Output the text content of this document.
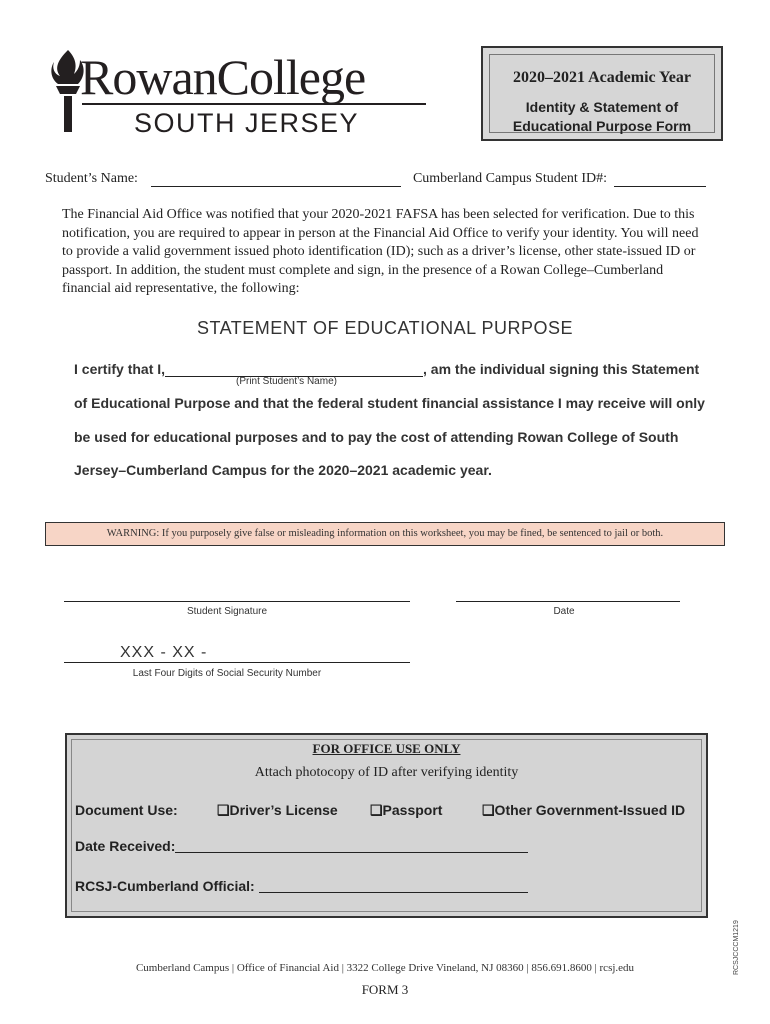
RowanCollege
SOUTH JERSEY
2020–2021 Academic Year
Identity & Statement of
Educational Purpose Form
Student’s Name:	Cumberland Campus Student ID#:
The Financial Aid Office was notified that your 2020-2021 FAFSA has been selected for verification. Due to this notification, you are required to appear in person at the Financial Aid Office to verify your identity. You will need to provide a valid government issued photo identification (ID); such as a driver’s license, other state-issued ID or passport. In addition, the student must complete and sign, in the presence of a Rowan College–Cumberland financial aid representative, the following:
STATEMENT OF EDUCATIONAL PURPOSE
I certify that I,	, am the individual signing this Statement
(Print Student’s Name)
of Educational Purpose and that the federal student financial assistance I may receive will only
be used for educational purposes and to pay the cost of attending Rowan College of South
Jersey–Cumberland Campus for the 2020–2021 academic year.
WARNING: If you purposely give false or misleading information on this worksheet, you may be fined, be sentenced to jail or both.
Student Signature	Date
XXX - XX -
Last Four Digits of Social Security Number
FOR OFFICE USE ONLY
Attach photocopy of ID after verifying identity
Document Use:	❑Driver’s License ❑Passport	❑Other Government-Issued ID
Date Received:
RCSJ-Cumberland Official:
RCSJCCCM1219
Cumberland Campus | Office of Financial Aid | 3322 College Drive Vineland, NJ 08360 | 856.691.8600 | rcsj.edu
FORM 3
